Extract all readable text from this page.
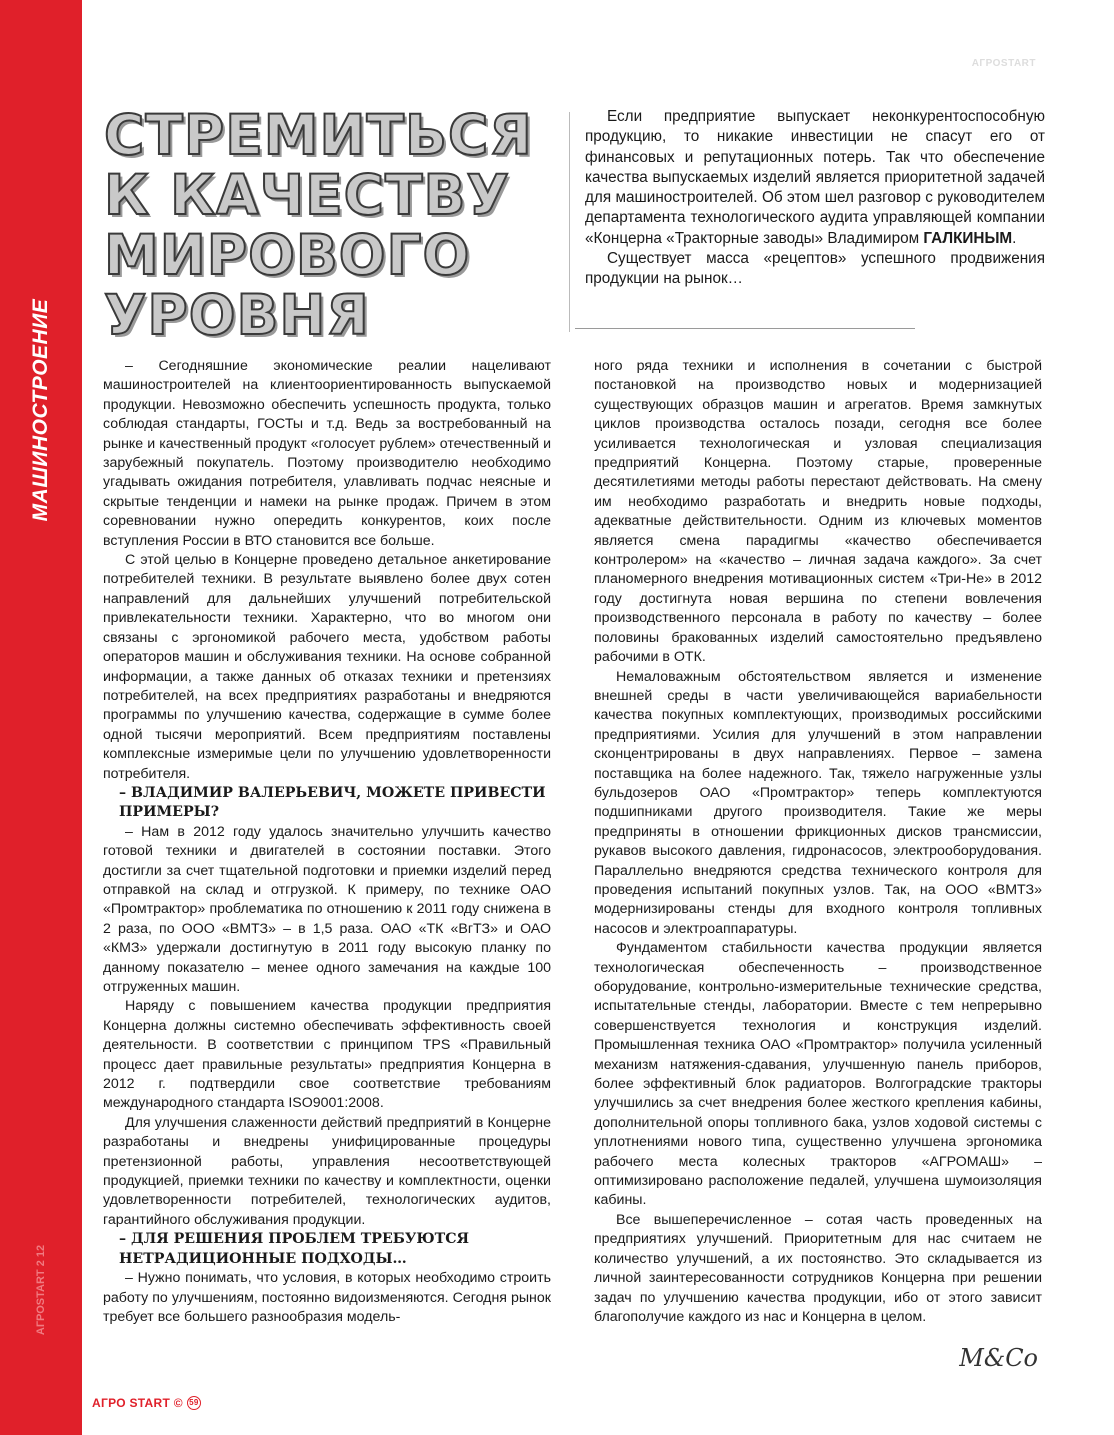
МАШИНОСТРОЕНИЕ
АГРОSTART 2 12
АГРОSTART
СТРЕМИТЬСЯ
К КАЧЕСТВУ
МИРОВОГО
УРОВНЯ

Если предприятие выпускает неконкурентоспособную продукцию, то никакие инвестиции не спасут его от финансовых и репутационных потерь. Так что обеспечение качества выпускаемых изделий является приоритетной задачей для машиностроителей. Об этом шел разговор с руководителем департамента технологического аудита управляющей компании «Концерна «Тракторные заводы» Владимиром ГАЛКИНЫМ.

Существует масса «рецептов» успешного продвижения продукции на рынок…

– Сегодняшние экономические реалии нацеливают машиностроителей на клиентоориентированность выпускаемой продукции. Невозможно обеспечить успешность продукта, только соблюдая стандарты, ГОСТы и т.д. Ведь за востребованный на рынке и качественный продукт «голосует рублем» отечественный и зарубежный покупатель. Поэтому производителю необходимо угадывать ожидания потребителя, улавливать подчас неясные и скрытые тенденции и намеки на рынке продаж. Причем в этом соревновании нужно опередить конкурентов, коих после вступления России в ВТО становится все больше.

С этой целью в Концерне проведено детальное анкетирование потребителей техники. В результате выявлено более двух сотен направлений для дальнейших улучшений потребительской привлекательности техники. Характерно, что во многом они связаны с эргономикой рабочего места, удобством работы операторов машин и обслуживания техники. На основе собранной информации, а также данных об отказах техники и претензиях потребителей, на всех предприятиях разработаны и внедряются программы по улучшению качества, содержащие в сумме более одной тысячи мероприятий. Всем предприятиям поставлены комплексные измеримые цели по улучшению удовлетворенности потребителя.

– ВЛАДИМИР ВАЛЕРЬЕВИЧ, МОЖЕТЕ ПРИВЕСТИ ПРИМЕРЫ?

– Нам в 2012 году удалось значительно улучшить качество готовой техники и двигателей в состоянии поставки. Этого достигли за счет тщательной подготовки и приемки изделий перед отправкой на склад и отгрузкой. К примеру, по технике ОАО «Промтрактор» проблематика по отношению к 2011 году снижена в 2 раза, по ООО «ВМТЗ» – в 1,5 раза. ОАО «ТК «ВгТЗ» и ОАО «КМЗ» удержали достигнутую в 2011 году высокую планку по данному показателю – менее одного замечания на каждые 100 отгруженных машин.

Наряду с повышением качества продукции предприятия Концерна должны системно обеспечивать эффективность своей деятельности. В соответствии с принципом TPS «Правильный процесс дает правильные результаты» предприятия Концерна в 2012 г. подтвердили свое соответствие требованиям международного стандарта ISO9001:2008.

Для улучшения слаженности действий предприятий в Концерне разработаны и внедрены унифицированные процедуры претензионной работы, управления несоответствующей продукцией, приемки техники по качеству и комплектности, оценки удовлетворенности потребителей, технологических аудитов, гарантийного обслуживания продукции.

– ДЛЯ РЕШЕНИЯ ПРОБЛЕМ ТРЕБУЮТСЯ НЕТРАДИЦИОННЫЕ ПОДХОДЫ…

– Нужно понимать, что условия, в которых необходимо строить работу по улучшениям, постоянно видоизменяются. Сегодня рынок требует все большего разнообразия модель-

ного ряда техники и исполнения в сочетании с быстрой постановкой на производство новых и модернизацией существующих образцов машин и агрегатов. Время замкнутых циклов производства осталось позади, сегодня все более усиливается технологическая и узловая специализация предприятий Концерна. Поэтому старые, проверенные десятилетиями методы работы перестают действовать. На смену им необходимо разработать и внедрить новые подходы, адекватные действительности. Одним из ключевых моментов является смена парадигмы «качество обеспечивается контролером» на «качество – личная задача каждого». За счет планомерного внедрения мотивационных систем «Три-Не» в 2012 году достигнута новая вершина по степени вовлечения производственного персонала в работу по качеству – более половины бракованных изделий самостоятельно предъявлено рабочими в ОТК.

Немаловажным обстоятельством является и изменение внешней среды в части увеличивающейся вариабельности качества покупных комплектующих, производимых российскими предприятиями. Усилия для улучшений в этом направлении сконцентрированы в двух направлениях. Первое – замена поставщика на более надежного. Так, тяжело нагруженные узлы бульдозеров ОАО «Промтрактор» теперь комплектуются подшипниками другого производителя. Такие же меры предприняты в отношении фрикционных дисков трансмиссии, рукавов высокого давления, гидронасосов, электрооборудования. Параллельно внедряются средства технического контроля для проведения испытаний покупных узлов. Так, на ООО «ВМТЗ» модернизированы стенды для входного контроля топливных насосов и электроаппаратуры.

Фундаментом стабильности качества продукции является технологическая обеспеченность – производственное оборудование, контрольно-измерительные технические средства, испытательные стенды, лаборатории. Вместе с тем непрерывно совершенствуется технология и конструкция изделий. Промышленная техника ОАО «Промтрактор» получила усиленный механизм натяжения-сдавания, улучшенную панель приборов, более эффективный блок радиаторов. Волгоградские тракторы улучшились за счет внедрения более жесткого крепления кабины, дополнительной опоры топливного бака, узлов ходовой системы с уплотнениями нового типа, существенно улучшена эргономика рабочего места колесных тракторов «АГРОМАШ» – оптимизировано расположение педалей, улучшена шумоизоляция кабины.

Все вышеперечисленное – сотая часть проведенных на предприятиях улучшений. Приоритетным для нас считаем не количество улучшений, а их постоянство. Это складывается из личной заинтересованности сотрудников Концерна при решении задач по улучшению качества продукции, ибо от этого зависит благополучие каждого из нас и Концерна в целом.

M&Co
АГРО START © 59
